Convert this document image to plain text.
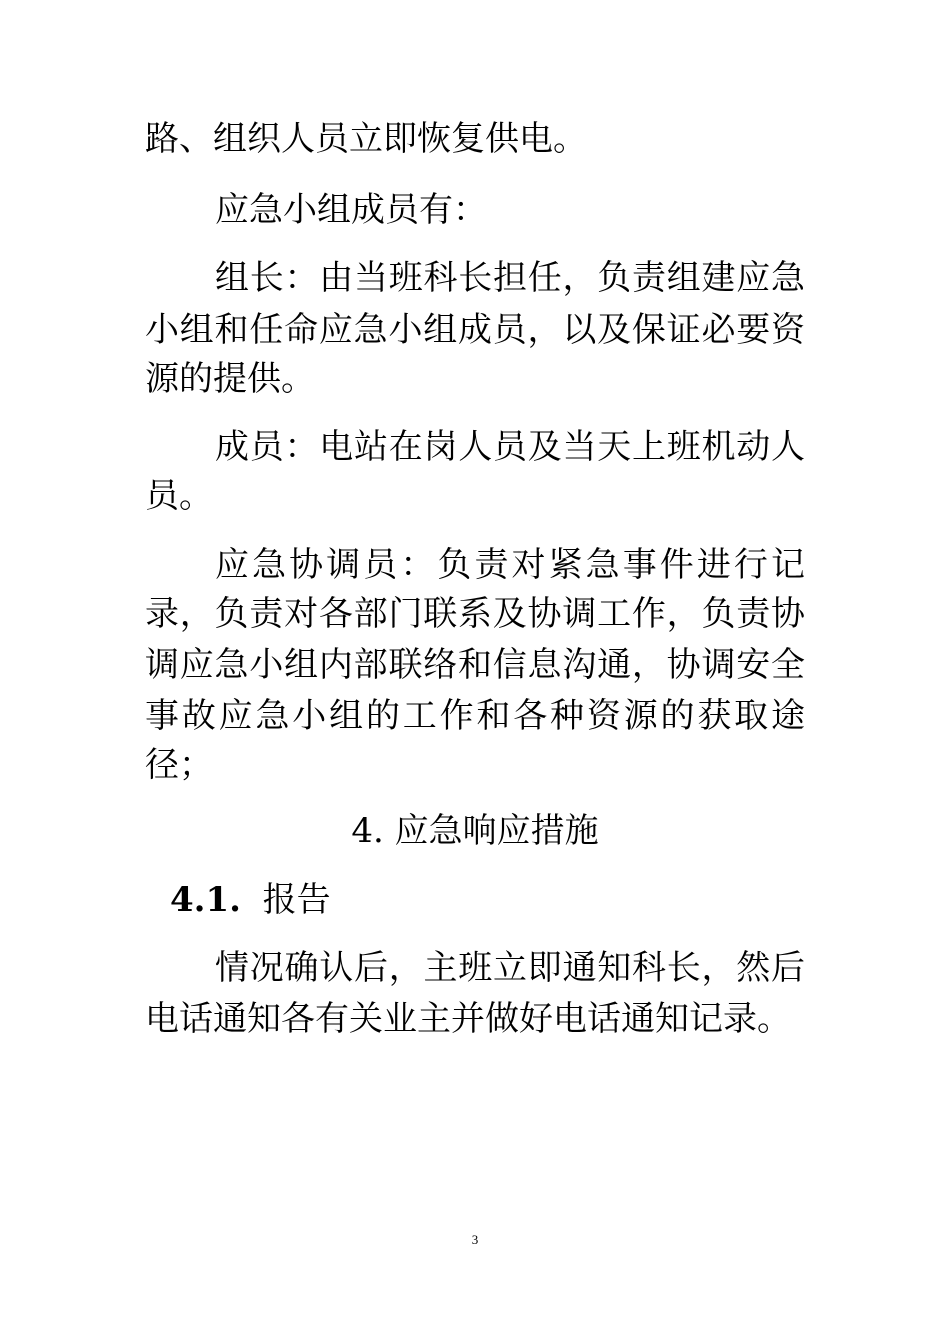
路、组织人员立即恢复供电。
应急小组成员有：
组长：由当班科长担任，负责组建应急
小组和任命应急小组成员，以及保证必要资
源的提供。
成员：电站在岗人员及当天上班机动人
员。
应急协调员：负责对紧急事件进行记
录，负责对各部门联系及协调工作，负责协
调应急小组内部联络和信息沟通，协调安全
事故应急小组的工作和各种资源的获取途
径；
4. 应急响应措施
4.1. 报告
情况确认后，主班立即通知科长，然后
电话通知各有关业主并做好电话通知记录。
3
